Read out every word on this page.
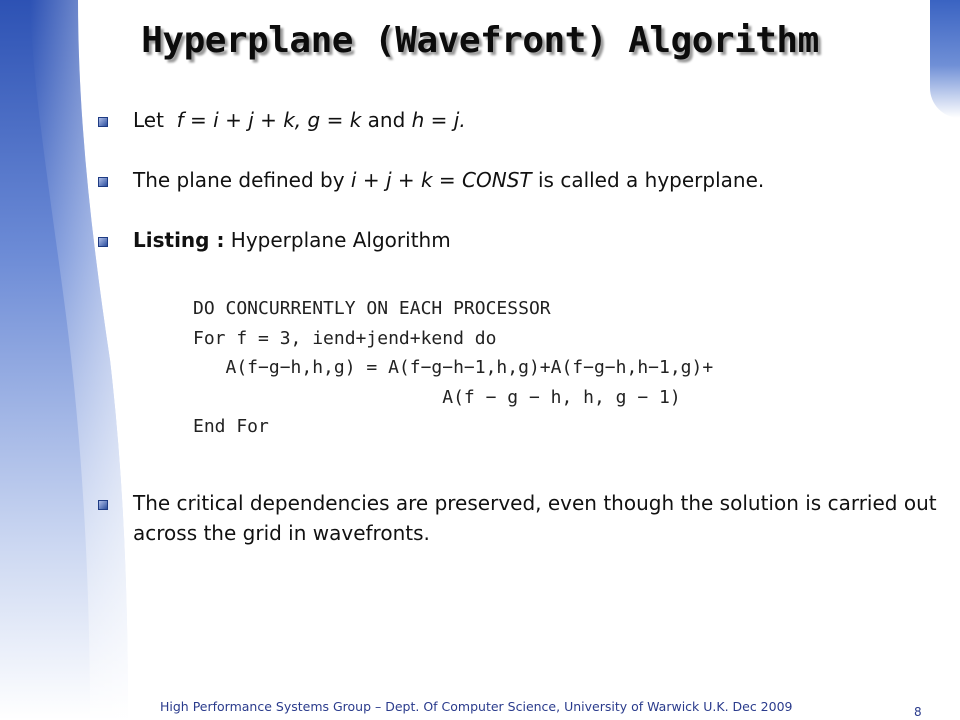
Hyperplane (Wavefront) Algorithm
Let f = i + j + k, g = k and h = j.
The plane defined by i + j + k = CONST is called a hyperplane.
Listing : Hyperplane Algorithm
The critical dependencies are preserved, even though the solution is carried out across the grid in wavefronts.
DO CONCURRENTLY ON EACH PROCESSOR
For f = 3, iend+jend+kend do
A(f−g−h,h,g) = A(f−g−h−1,h,g)+A(f−g−h,h−1,g)+
A(f − g − h, h, g − 1)
End For
High Performance Systems Group – Dept. Of Computer Science, University of Warwick U.K. Dec 2009	8
